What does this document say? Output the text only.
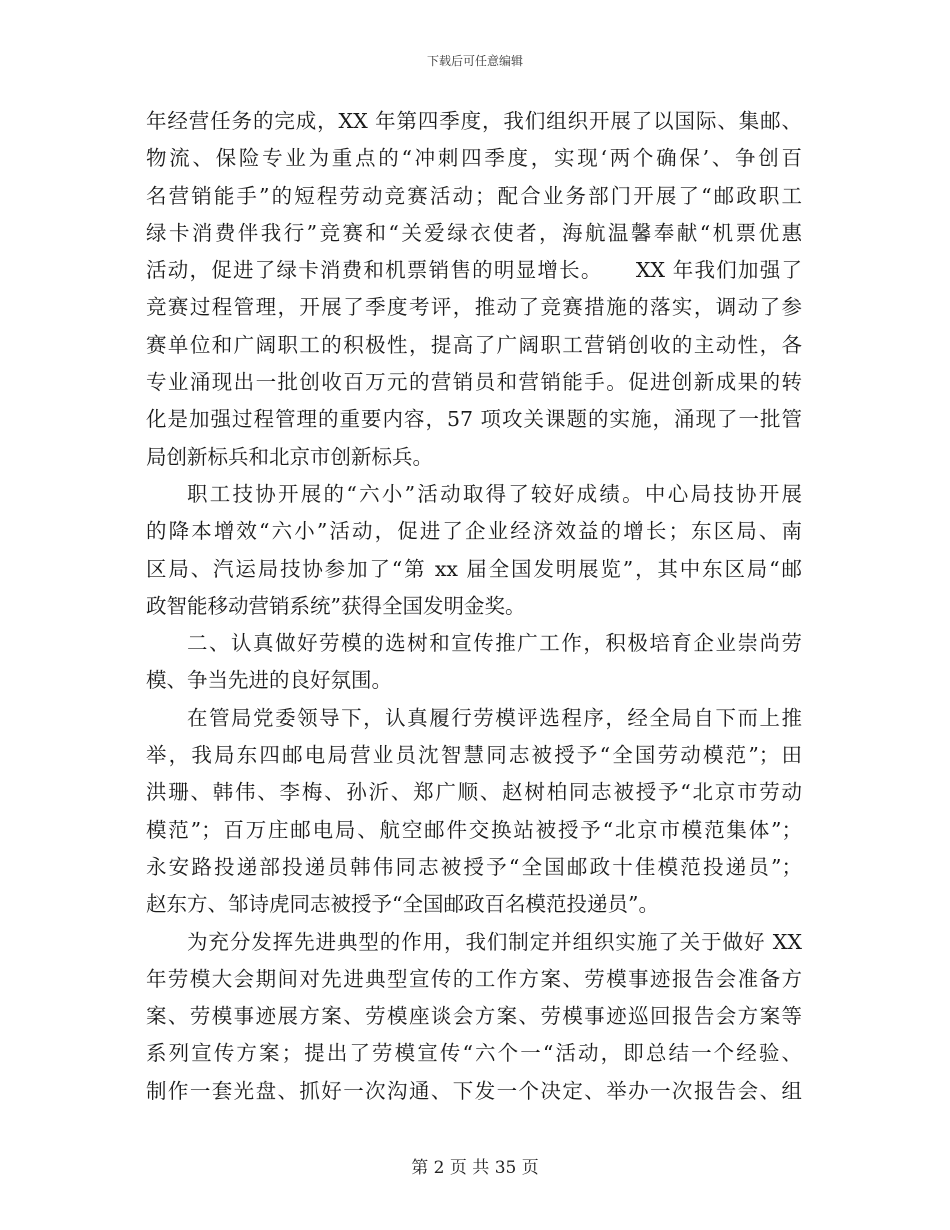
下载后可任意编辑
年经营任务的完成，XX 年第四季度，我们组织开展了以国际、集邮、
物流、保险专业为重点的“冲刺四季度，实现‘两个确保’、争创百
名营销能手”的短程劳动竞赛活动；配合业务部门开展了“邮政职工
绿卡消费伴我行”竞赛和“关爱绿衣使者，海航温馨奉献“机票优惠
活动，促进了绿卡消费和机票销售的明显增长。　　XX 年我们加强了
竞赛过程管理，开展了季度考评，推动了竞赛措施的落实，调动了参
赛单位和广阔职工的积极性，提高了广阔职工营销创收的主动性，各
专业涌现出一批创收百万元的营销员和营销能手。促进创新成果的转
化是加强过程管理的重要内容，57 项攻关课题的实施，涌现了一批管
局创新标兵和北京市创新标兵。
职工技协开展的“六小”活动取得了较好成绩。中心局技协开展
的降本增效“六小”活动，促进了企业经济效益的增长；东区局、南
区局、汽运局技协参加了“第 xx 届全国发明展览”，其中东区局“邮
政智能移动营销系统”获得全国发明金奖。
二、认真做好劳模的选树和宣传推广工作，积极培育企业崇尚劳
模、争当先进的良好氛围。
在管局党委领导下，认真履行劳模评选程序，经全局自下而上推
举，我局东四邮电局营业员沈智慧同志被授予“全国劳动模范”；田
洪珊、韩伟、李梅、孙沂、郑广顺、赵树柏同志被授予“北京市劳动
模范”；百万庄邮电局、航空邮件交换站被授予“北京市模范集体”；
永安路投递部投递员韩伟同志被授予“全国邮政十佳模范投递员”；
赵东方、邹诗虎同志被授予“全国邮政百名模范投递员”。
为充分发挥先进典型的作用，我们制定并组织实施了关于做好 XX
年劳模大会期间对先进典型宣传的工作方案、劳模事迹报告会准备方
案、劳模事迹展方案、劳模座谈会方案、劳模事迹巡回报告会方案等
系列宣传方案；提出了劳模宣传“六个一“活动，即总结一个经验、
制作一套光盘、抓好一次沟通、下发一个决定、举办一次报告会、组
第 2 页 共 35 页
